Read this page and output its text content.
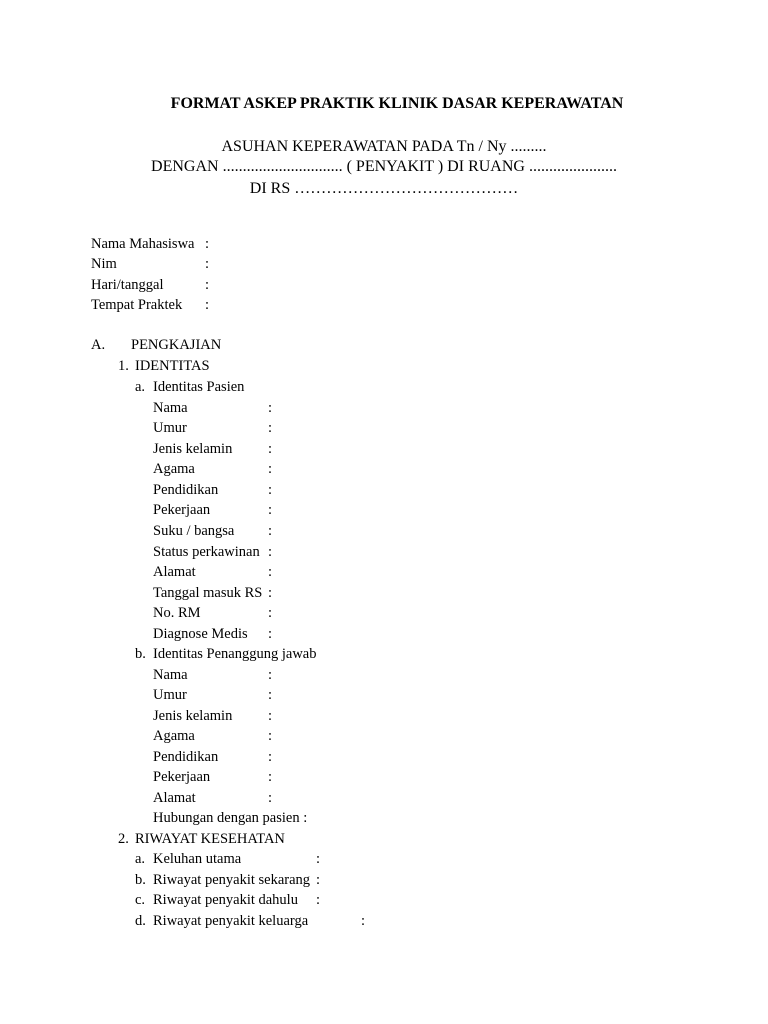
FORMAT ASKEP PRAKTIK KLINIK DASAR KEPERAWATAN
ASUHAN KEPERAWATAN PADA Tn / Ny .........
DENGAN .............................. ( PENYAKIT ) DI RUANG ......................
DI RS ……………………………………
Nama Mahasiswa :
Nim	:
Hari/tanggal	:
Tempat Praktek :
A. PENGKAJIAN
1. IDENTITAS
a. Identitas Pasien
Nama	:
Umur	:
Jenis kelamin :
Agama	:
Pendidikan	:
Pekerjaan	:
Suku / bangsa :
Status perkawinan :
Alamat	:
Tanggal masuk RS :
No. RM	:
Diagnose Medis :
b. Identitas Penanggung jawab
Nama	:
Umur	:
Jenis kelamin :
Agama	:
Pendidikan	:
Pekerjaan	:
Alamat	:
Hubungan dengan pasien :
2. RIWAYAT KESEHATAN
a. Keluhan utama	:
b. Riwayat penyakit sekarang :
c. Riwayat penyakit dahulu :
d. Riwayat penyakit keluarga	:
